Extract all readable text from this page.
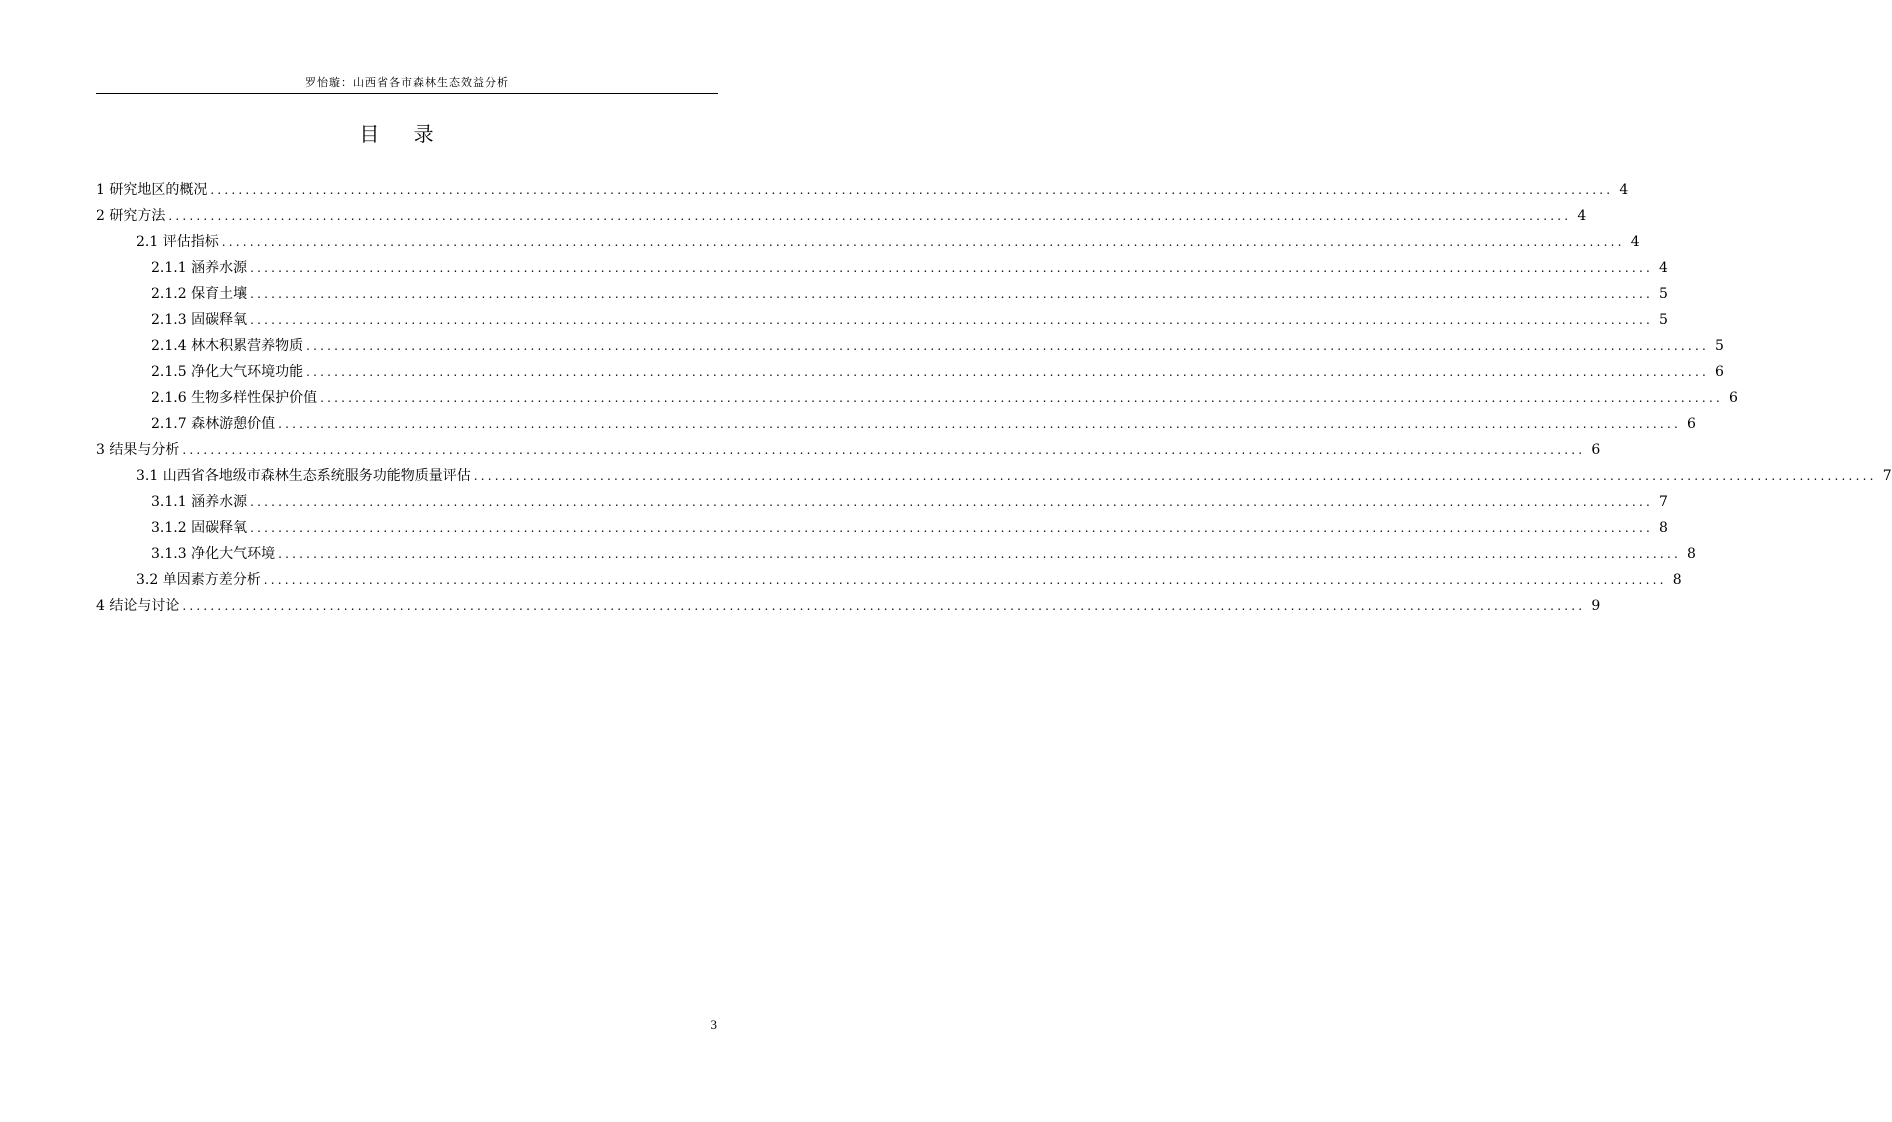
罗怡璇：山西省各市森林生态效益分析
目 录
1 研究地区的概况 ........................................................................................................................................................................................................ 4
2 研究方法 ........................................................................................................................................................................................................ 4
2.1 评估指标 ........................................................................................................................................................................................................ 4
2.1.1 涵养水源 ........................................................................................................................................................................................................ 4
2.1.2 保育土壤 ........................................................................................................................................................................................................ 5
2.1.3 固碳释氧 ........................................................................................................................................................................................................ 5
2.1.4 林木积累营养物质 ........................................................................................................................................................................................................ 5
2.1.5 净化大气环境功能 ........................................................................................................................................................................................................ 6
2.1.6 生物多样性保护价值 ........................................................................................................................................................................................................ 6
2.1.7 森林游憩价值 ........................................................................................................................................................................................................ 6
3 结果与分析 ........................................................................................................................................................................................................ 6
3.1 山西省各地级市森林生态系统服务功能物质量评估 ........................................................................................................................................................................................................ 7
3.1.1 涵养水源 ........................................................................................................................................................................................................ 7
3.1.2 固碳释氧 ........................................................................................................................................................................................................ 8
3.1.3 净化大气环境 ........................................................................................................................................................................................................ 8
3.2 单因素方差分析 ........................................................................................................................................................................................................ 8
4 结论与讨论 ........................................................................................................................................................................................................ 9
3
